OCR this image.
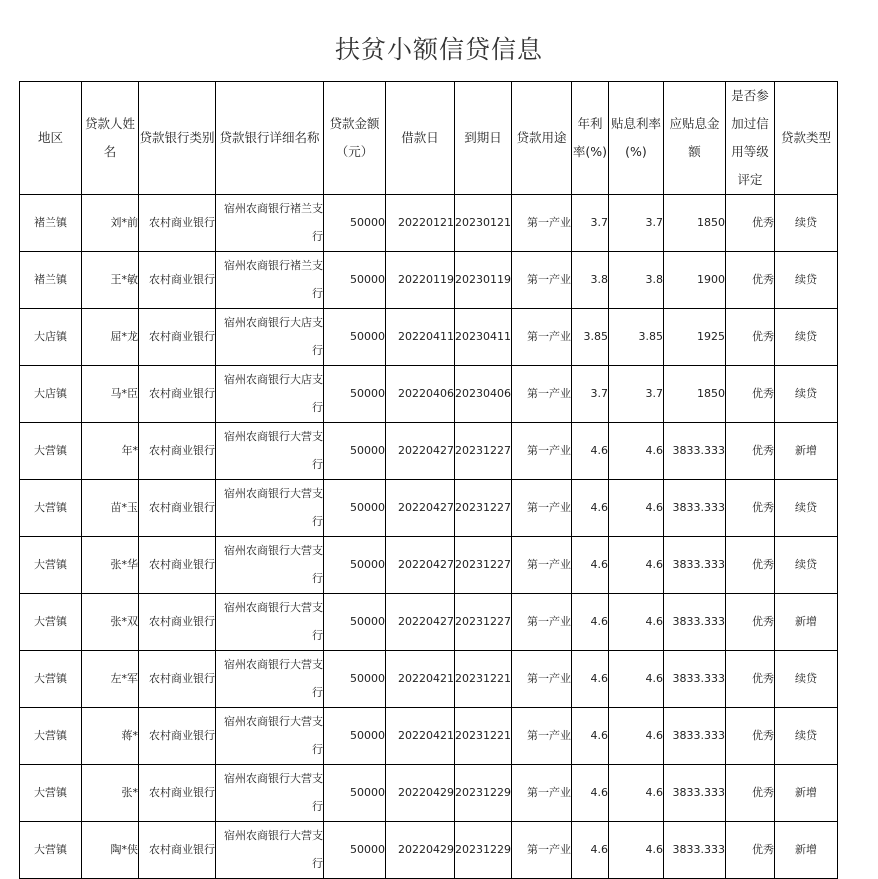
扶贫小额信贷信息
地区	贷款人姓名	贷款银行类别	贷款银行详细名称	贷款金额（元）	借款日	到期日	贷款用途	年利率(%)	贴息利率(%)	应贴息金额	是否参加过信用等级评定	贷款类型
褚兰镇	刘*前	农村商业银行	宿州农商银行褚兰支行	50000	20220121	20230121	第一产业	3.7	3.7	1850	优秀	续贷
褚兰镇	王*敏	农村商业银行	宿州农商银行褚兰支行	50000	20220119	20230119	第一产业	3.8	3.8	1900	优秀	续贷
大店镇	屈*龙	农村商业银行	宿州农商银行大店支行	50000	20220411	20230411	第一产业	3.85	3.85	1925	优秀	续贷
大店镇	马*臣	农村商业银行	宿州农商银行大店支行	50000	20220406	20230406	第一产业	3.7	3.7	1850	优秀	续贷
大营镇	年*	农村商业银行	宿州农商银行大营支行	50000	20220427	20231227	第一产业	4.6	4.6	3833.333	优秀	新增
大营镇	苗*玉	农村商业银行	宿州农商银行大营支行	50000	20220427	20231227	第一产业	4.6	4.6	3833.333	优秀	续贷
大营镇	张*华	农村商业银行	宿州农商银行大营支行	50000	20220427	20231227	第一产业	4.6	4.6	3833.333	优秀	续贷
大营镇	张*双	农村商业银行	宿州农商银行大营支行	50000	20220427	20231227	第一产业	4.6	4.6	3833.333	优秀	新增
大营镇	左*军	农村商业银行	宿州农商银行大营支行	50000	20220421	20231221	第一产业	4.6	4.6	3833.333	优秀	续贷
大营镇	蒋*	农村商业银行	宿州农商银行大营支行	50000	20220421	20231221	第一产业	4.6	4.6	3833.333	优秀	续贷
大营镇	张*	农村商业银行	宿州农商银行大营支行	50000	20220429	20231229	第一产业	4.6	4.6	3833.333	优秀	新增
大营镇	陶*侠	农村商业银行	宿州农商银行大营支行	50000	20220429	20231229	第一产业	4.6	4.6	3833.333	优秀	新增
